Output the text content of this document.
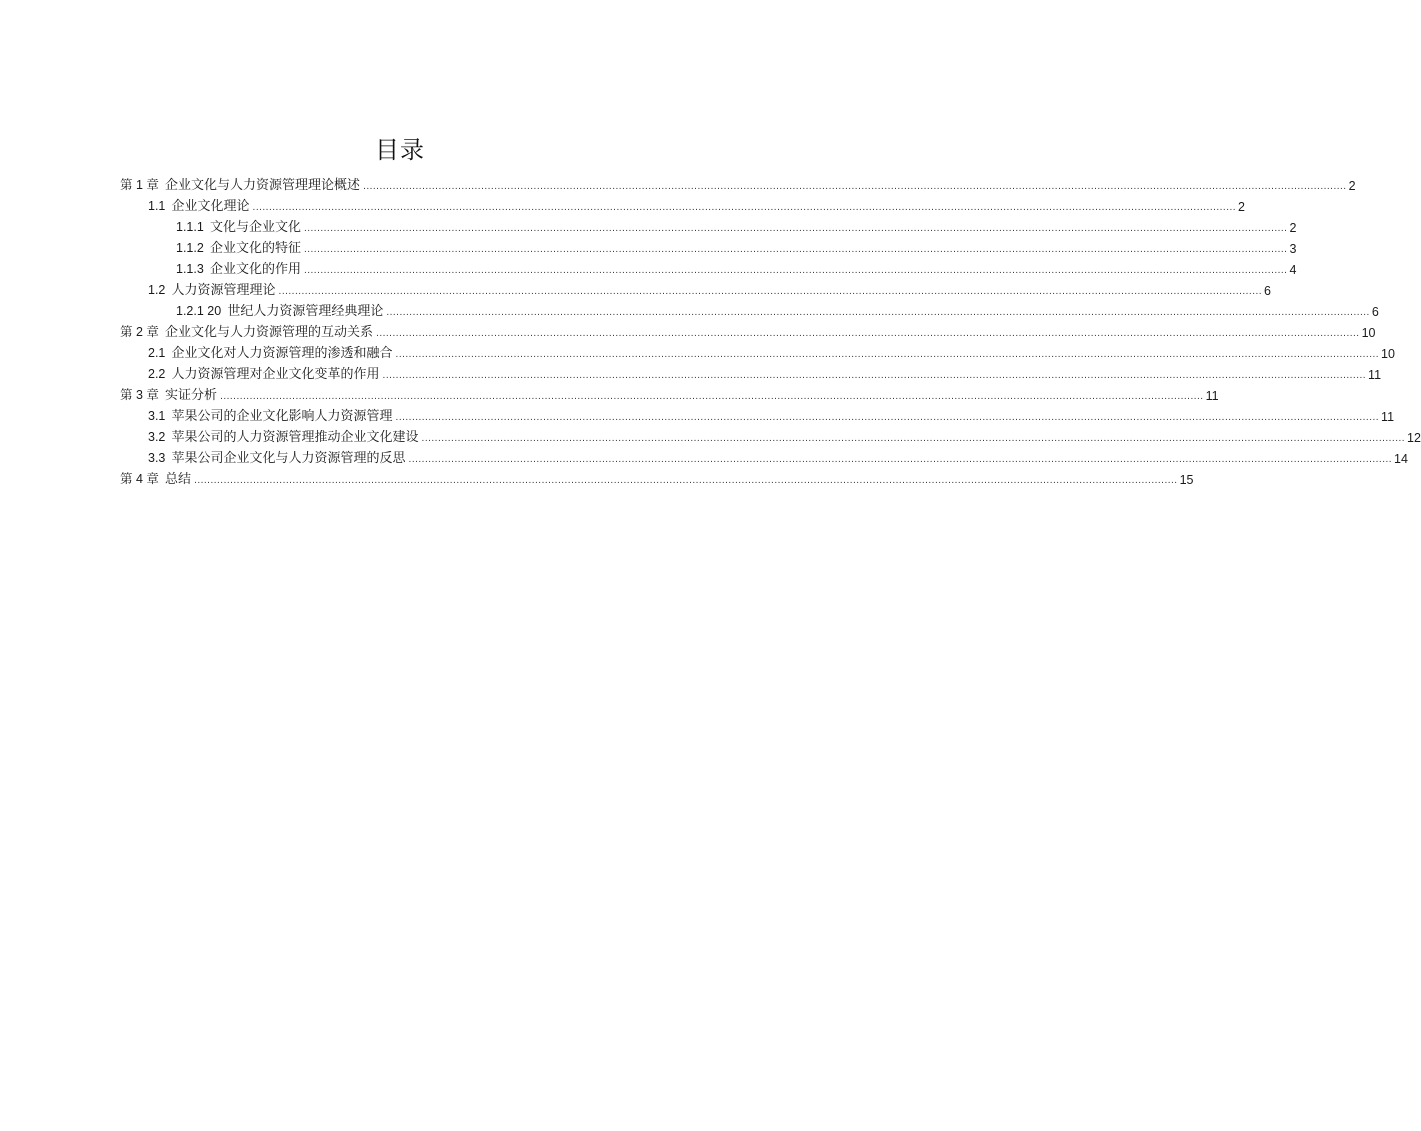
目录
第 1 章 企业文化与人力资源管理理论概述 ............................................................................................................................................................................................................................................................................................................ 2
1.1 企业文化理论 ............................................................................................................................................................................................................................................................................................................ 2
1.1.1 文化与企业文化 ............................................................................................................................................................................................................................................................................................................ 2
1.1.2 企业文化的特征 ............................................................................................................................................................................................................................................................................................................ 3
1.1.3 企业文化的作用 ............................................................................................................................................................................................................................................................................................................ 4
1.2 人力资源管理理论 ............................................................................................................................................................................................................................................................................................................ 6
1.2.1 20 世纪人力资源管理经典理论 ............................................................................................................................................................................................................................................................................................................ 6
第 2 章 企业文化与人力资源管理的互动关系 ............................................................................................................................................................................................................................................................................................................ 10
2.1 企业文化对人力资源管理的渗透和融合 ............................................................................................................................................................................................................................................................................................................ 10
2.2 人力资源管理对企业文化变革的作用 ............................................................................................................................................................................................................................................................................................................ 11
第 3 章 实证分析 ............................................................................................................................................................................................................................................................................................................ 11
3.1 苹果公司的企业文化影响人力资源管理 ............................................................................................................................................................................................................................................................................................................ 11
3.2 苹果公司的人力资源管理推动企业文化建设 ............................................................................................................................................................................................................................................................................................................ 12
3.3 苹果公司企业文化与人力资源管理的反思 ............................................................................................................................................................................................................................................................................................................ 14
第 4 章 总结 ............................................................................................................................................................................................................................................................................................................ 15
